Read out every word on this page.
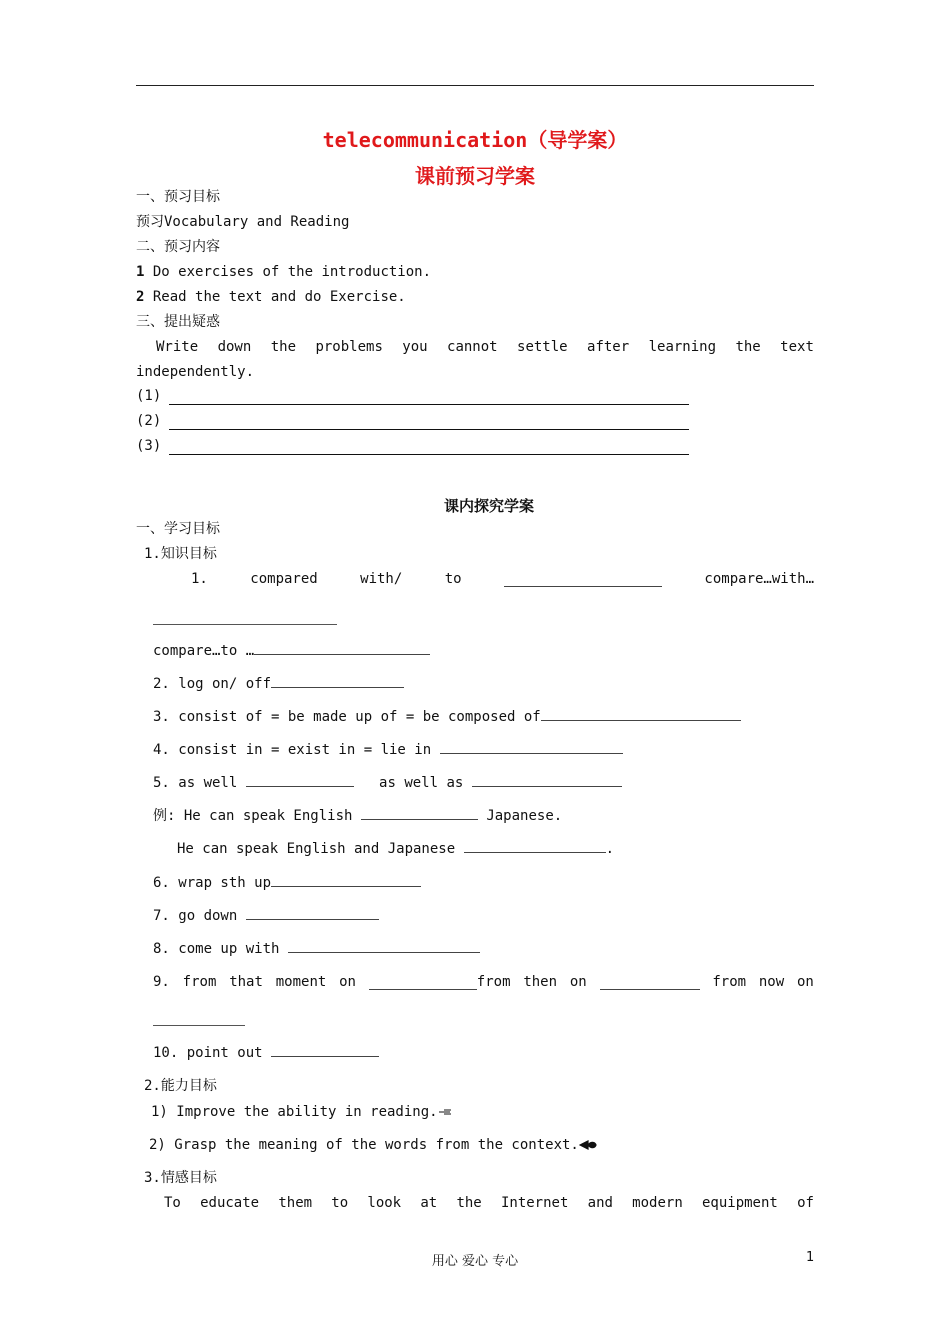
telecommunication（导学案）
课前预习学案
一、预习目标
预习Vocabulary and Reading
二、预习内容
1 Do exercises of the introduction.
2 Read the text and do Exercise.
三、提出疑惑
Write down the problems you cannot settle after learning the text
independently.
(1)
(2)
(3)
课内探究学案
一、学习目标
1.知识目标
1.	compared	with/	to	compare…with…
compare…to …
2. log on/ off
3. consist of = be made up of = be composed of
4. consist in = exist in = lie in
5. as well	as well as
例: He can speak English	Japanese.
He can speak English and Japanese	.
6. wrap sth up
7. go down
8. come up with
9. from that moment on	from then on	from now on
10. point out
2.能力目标
1) Improve the ability in reading.
2) Grasp the meaning of the words from the context.
3.情感目标
To educate them to look at the Internet and modern equipment of
用心 爱心 专心	1
